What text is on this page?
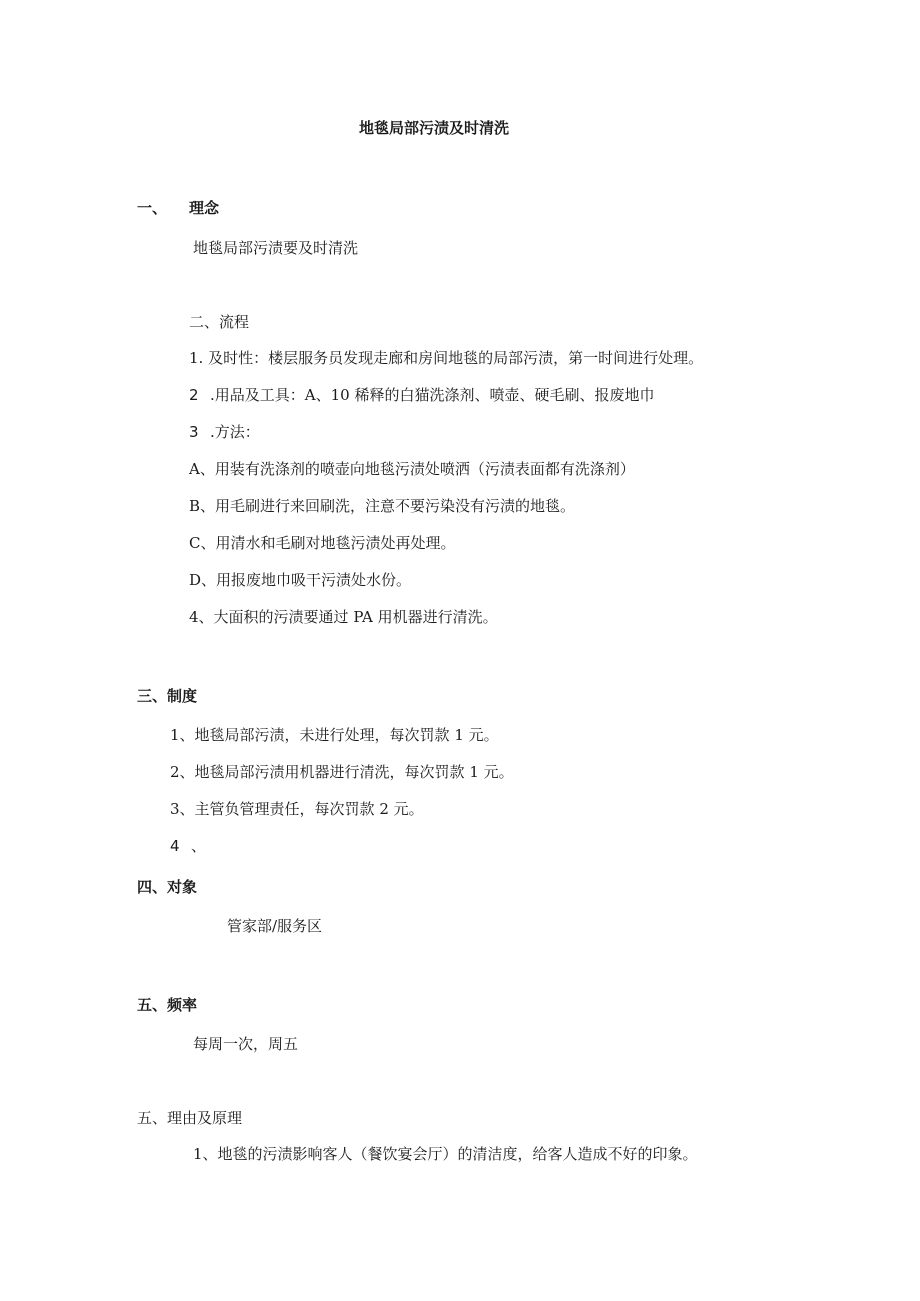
地毯局部污渍及时清洗
一、 理念
地毯局部污渍要及时清洗
二、流程
1. 及时性：楼层服务员发现走廊和房间地毯的局部污渍，第一时间进行处理。
2 .用品及工具：A、10 稀释的白猫洗涤剂、喷壶、硬毛刷、报废地巾
3 .方法：
A、用装有洗涤剂的喷壶向地毯污渍处喷洒（污渍表面都有洗涤剂）
B、用毛刷进行来回刷洗，注意不要污染没有污渍的地毯。
C、用清水和毛刷对地毯污渍处再处理。
D、用报废地巾吸干污渍处水份。
4、大面积的污渍要通过 PA 用机器进行清洗。
三、制度
1、地毯局部污渍，未进行处理，每次罚款 1 元。
2、地毯局部污渍用机器进行清洗，每次罚款 1 元。
3、主管负管理责任，每次罚款 2 元。
4 、
四、对象
管家部/服务区
五、频率
每周一次，周五
五、理由及原理
1、地毯的污渍影响客人（餐饮宴会厅）的清洁度，给客人造成不好的印象。
